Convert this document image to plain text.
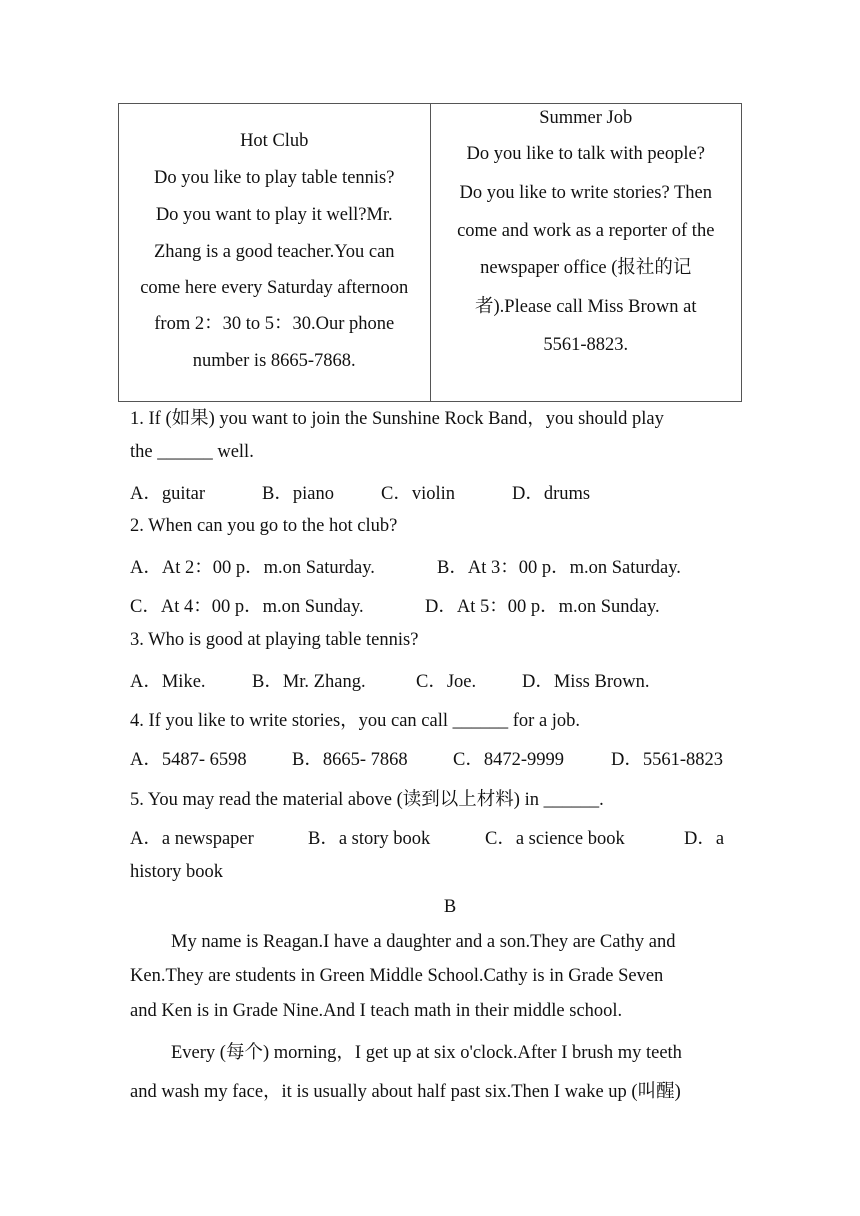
Hot Club
Do you like to play table tennis?
Do you want to play it well?Mr.
Zhang is a good teacher.You can
come here every Saturday afternoon
from 2：30 to 5：30.Our phone
number is 8665-7868.

Summer Job
Do you like to talk with people?
Do you like to write stories? Then
come and work as a reporter of the
newspaper office (报社的记
者).Please call Miss Brown at
5561-8823.
1. If (如果) you want to join the Sunshine Rock Band，you should play
the ______ well.
A．guitar	B．piano	C．violin	D．drums
2. When can you go to the hot club?
A．At 2：00 p．m.on Saturday.	B．At 3：00 p．m.on Saturday.
C．At 4：00 p．m.on Sunday.	D．At 5：00 p．m.on Sunday.
3. Who is good at playing table tennis?
A．Mike.	B．Mr. Zhang.	C．Joe. D．Miss Brown.
4. If you like to write stories，you can call ______ for a job.
A．5487- 6598 B．8665- 7868 C．8472-9999	D．5561-8823
5. You may read the material above (读到以上材料) in ______.
A．a newspaper	B．a story book	C．a science book	D．a
history book
B
My name is Reagan.I have a daughter and a son.They are Cathy and
Ken.They are students in Green Middle School.Cathy is in Grade Seven
and Ken is in Grade Nine.And I teach math in their middle school.
Every (每个) morning，I get up at six o'clock.After I brush my teeth
and wash my face，it is usually about half past six.Then I wake up (叫醒)
